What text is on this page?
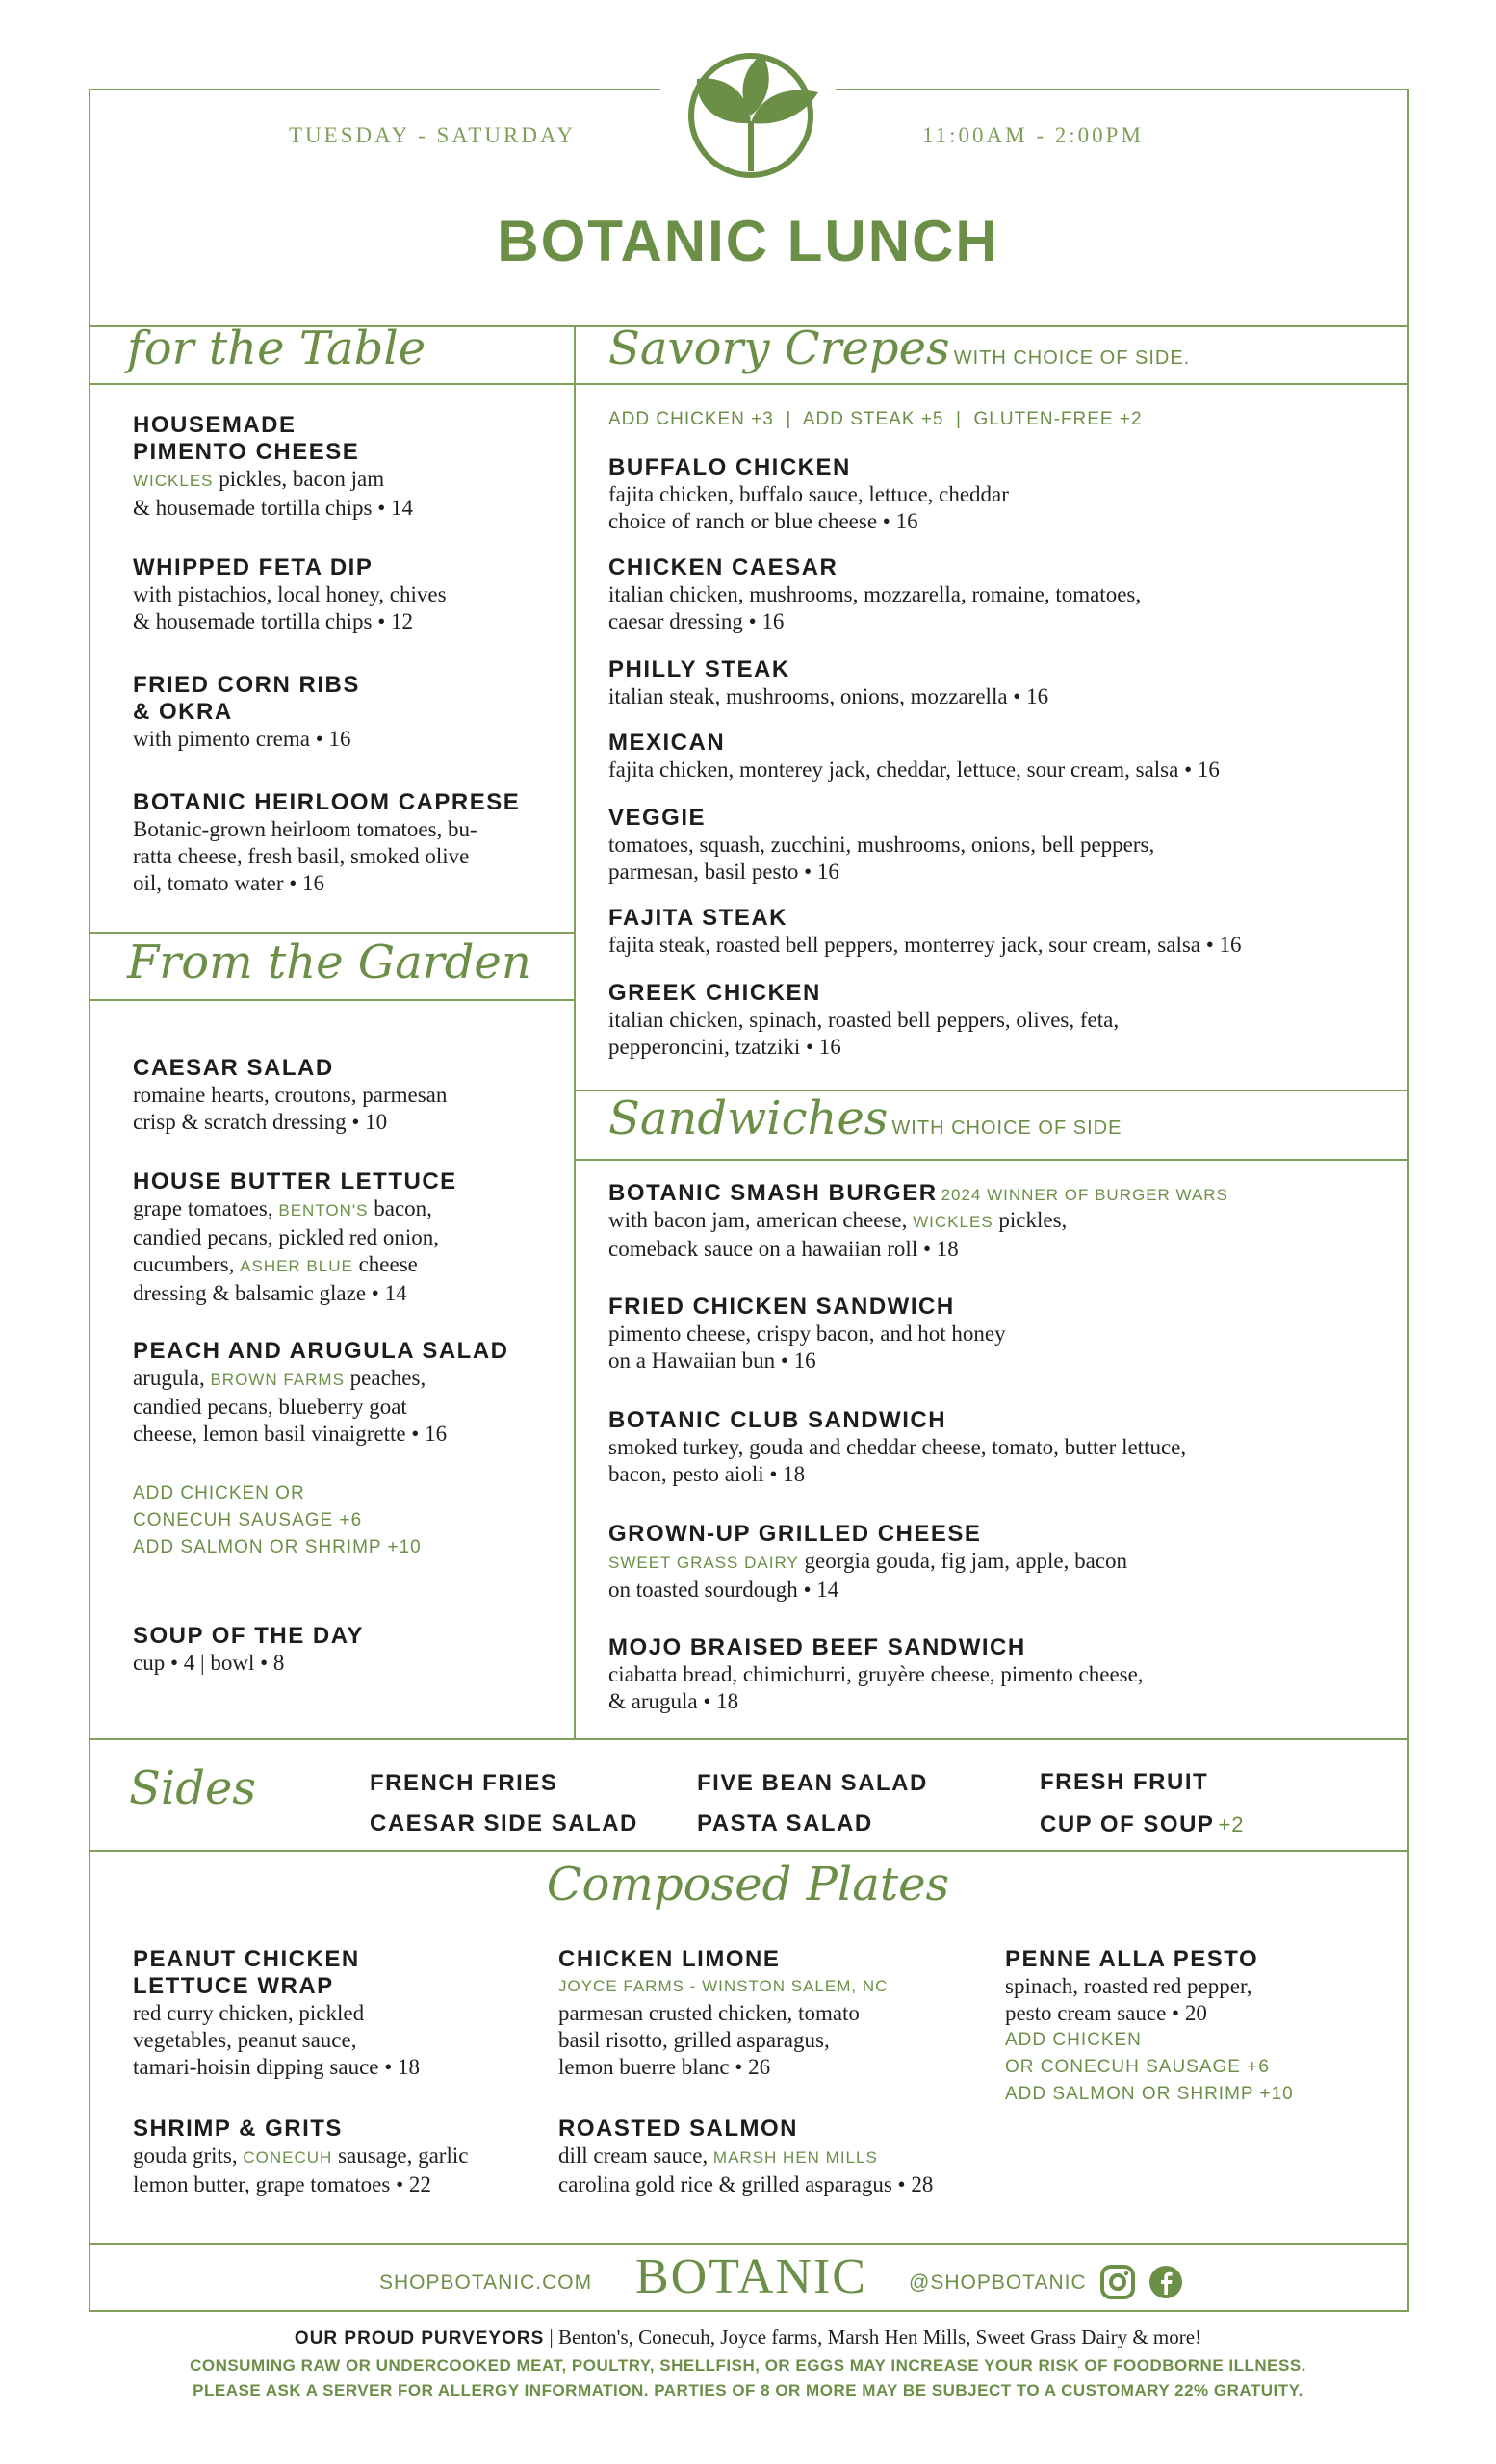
TUESDAY - SATURDAY	11:00AM - 2:00PM
BOTANIC LUNCH
for the Table
HOUSEMADE
PIMENTO CHEESE
WICKLES pickles, bacon jam
& housemade tortilla chips • 14
WHIPPED FETA DIP
with pistachios, local honey, chives
& housemade tortilla chips • 12
FRIED CORN RIBS
& OKRA
with pimento crema • 16
BOTANIC HEIRLOOM CAPRESE
Botanic-grown heirloom tomatoes, bu-
ratta cheese, fresh basil, smoked olive
oil, tomato water • 16
From the Garden
CAESAR SALAD
romaine hearts, croutons, parmesan
crisp & scratch dressing • 10
HOUSE BUTTER LETTUCE
grape tomatoes, BENTON'S bacon,
candied pecans, pickled red onion,
cucumbers, ASHER BLUE cheese
dressing & balsamic glaze • 14
PEACH AND ARUGULA SALAD
arugula, BROWN FARMS peaches,
candied pecans, blueberry goat
cheese, lemon basil vinaigrette • 16
ADD CHICKEN OR
CONECUH SAUSAGE +6
ADD SALMON OR SHRIMP +10
SOUP OF THE DAY
cup • 4 | bowl • 8
Savory Crepes WITH CHOICE OF SIDE.
ADD CHICKEN +3  |  ADD STEAK +5  |  GLUTEN-FREE +2
BUFFALO CHICKEN
fajita chicken, buffalo sauce, lettuce, cheddar
choice of ranch or blue cheese • 16
CHICKEN CAESAR
italian chicken, mushrooms, mozzarella, romaine, tomatoes,
caesar dressing • 16
PHILLY STEAK
italian steak, mushrooms, onions, mozzarella • 16
MEXICAN
fajita chicken, monterey jack, cheddar, lettuce, sour cream, salsa • 16
VEGGIE
tomatoes, squash, zucchini, mushrooms, onions, bell peppers,
parmesan, basil pesto • 16
FAJITA STEAK
fajita steak, roasted bell peppers, monterrey jack, sour cream, salsa • 16
GREEK CHICKEN
italian chicken, spinach, roasted bell peppers, olives, feta,
pepperoncini, tzatziki • 16
Sandwiches WITH CHOICE OF SIDE
BOTANIC SMASH BURGER 2024 WINNER OF BURGER WARS
with bacon jam, american cheese, WICKLES pickles,
comeback sauce on a hawaiian roll • 18
FRIED CHICKEN SANDWICH
pimento cheese, crispy bacon, and hot honey
on a Hawaiian bun • 16
BOTANIC CLUB SANDWICH
smoked turkey, gouda and cheddar cheese, tomato, butter lettuce,
bacon, pesto aioli • 18
GROWN-UP GRILLED CHEESE
SWEET GRASS DAIRY georgia gouda, fig jam, apple, bacon
on toasted sourdough • 14
MOJO BRAISED BEEF SANDWICH
ciabatta bread, chimichurri, gruyère cheese, pimento cheese,
& arugula • 18
Sides	FRENCH FRIES
CAESAR SIDE SALAD
FIVE BEAN SALAD
PASTA SALAD
FRESH FRUIT
CUP OF SOUP +2
Composed Plates
PEANUT CHICKEN
LETTUCE WRAP
red curry chicken, pickled
vegetables, peanut sauce,
tamari-hoisin dipping sauce • 18
SHRIMP & GRITS
gouda grits, CONECUH sausage, garlic
lemon butter, grape tomatoes • 22
CHICKEN LIMONE
JOYCE FARMS - WINSTON SALEM, NC
parmesan crusted chicken, tomato
basil risotto, grilled asparagus,
lemon buerre blanc • 26
ROASTED SALMON
dill cream sauce, MARSH HEN MILLS
carolina gold rice & grilled asparagus • 28
PENNE ALLA PESTO
spinach, roasted red pepper,
pesto cream sauce • 20
ADD CHICKEN
OR CONECUH SAUSAGE +6
ADD SALMON OR SHRIMP +10
SHOPBOTANIC.COM BOTANIC @SHOPBOTANIC
OUR PROUD PURVEYORS | Benton's, Conecuh, Joyce farms, Marsh Hen Mills, Sweet Grass Dairy & more!
CONSUMING RAW OR UNDERCOOKED MEAT, POULTRY, SHELLFISH, OR EGGS MAY INCREASE YOUR RISK OF FOODBORNE ILLNESS.
PLEASE ASK A SERVER FOR ALLERGY INFORMATION. PARTIES OF 8 OR MORE MAY BE SUBJECT TO A CUSTOMARY 22% GRATUITY.
